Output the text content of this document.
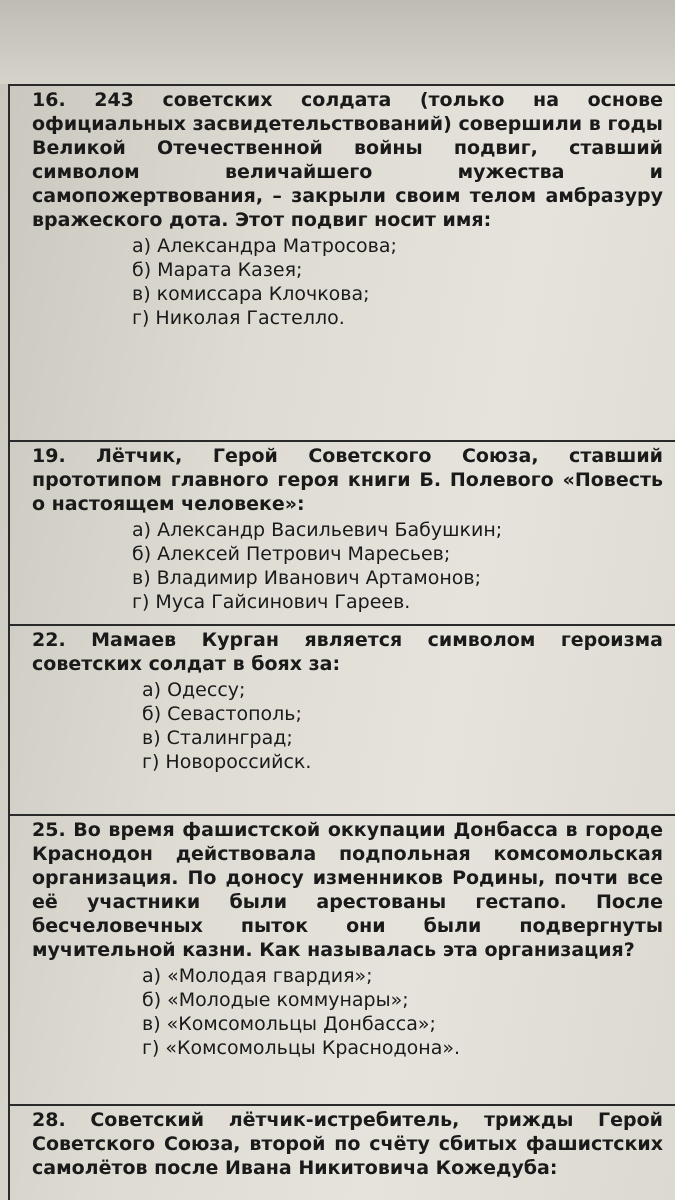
16. 243 советских солдата (только на основе официальных засвидетельствований) совершили в годы Великой Отечественной войны подвиг, ставший символом величайшего мужества и самопожертвования, – закрыли своим телом амбразуру вражеского дота. Этот подвиг носит имя:

а) Александра Матросова;
б) Марата Казея;
в) комиссара Клочкова;
г) Николая Гастелло.

19. Лётчик, Герой Советского Союза, ставший прототипом главного героя книги Б. Полевого «Повесть о настоящем человеке»:

а) Александр Васильевич Бабушкин;
б) Алексей Петрович Маресьев;
в) Владимир Иванович Артамонов;
г) Муса Гайсинович Гареев.

22. Мамаев Курган является символом героизма советских солдат в боях за:

а) Одессу;
б) Севастополь;
в) Сталинград;
г) Новороссийск.

25. Во время фашистской оккупации Донбасса в городе Краснодон действовала подпольная комсомольская организация. По доносу изменников Родины, почти все её участники были арестованы гестапо. После бесчеловечных пыток они были подвергнуты мучительной казни. Как называлась эта организация?

а) «Молодая гвардия»;
б) «Молодые коммунары»;
в) «Комсомольцы Донбасса»;
г) «Комсомольцы Краснодона».

28. Советский лётчик-истребитель, трижды Герой Советского Союза, второй по счёту сбитых фашистских самолётов после Ивана Никитовича Кожедуба:
